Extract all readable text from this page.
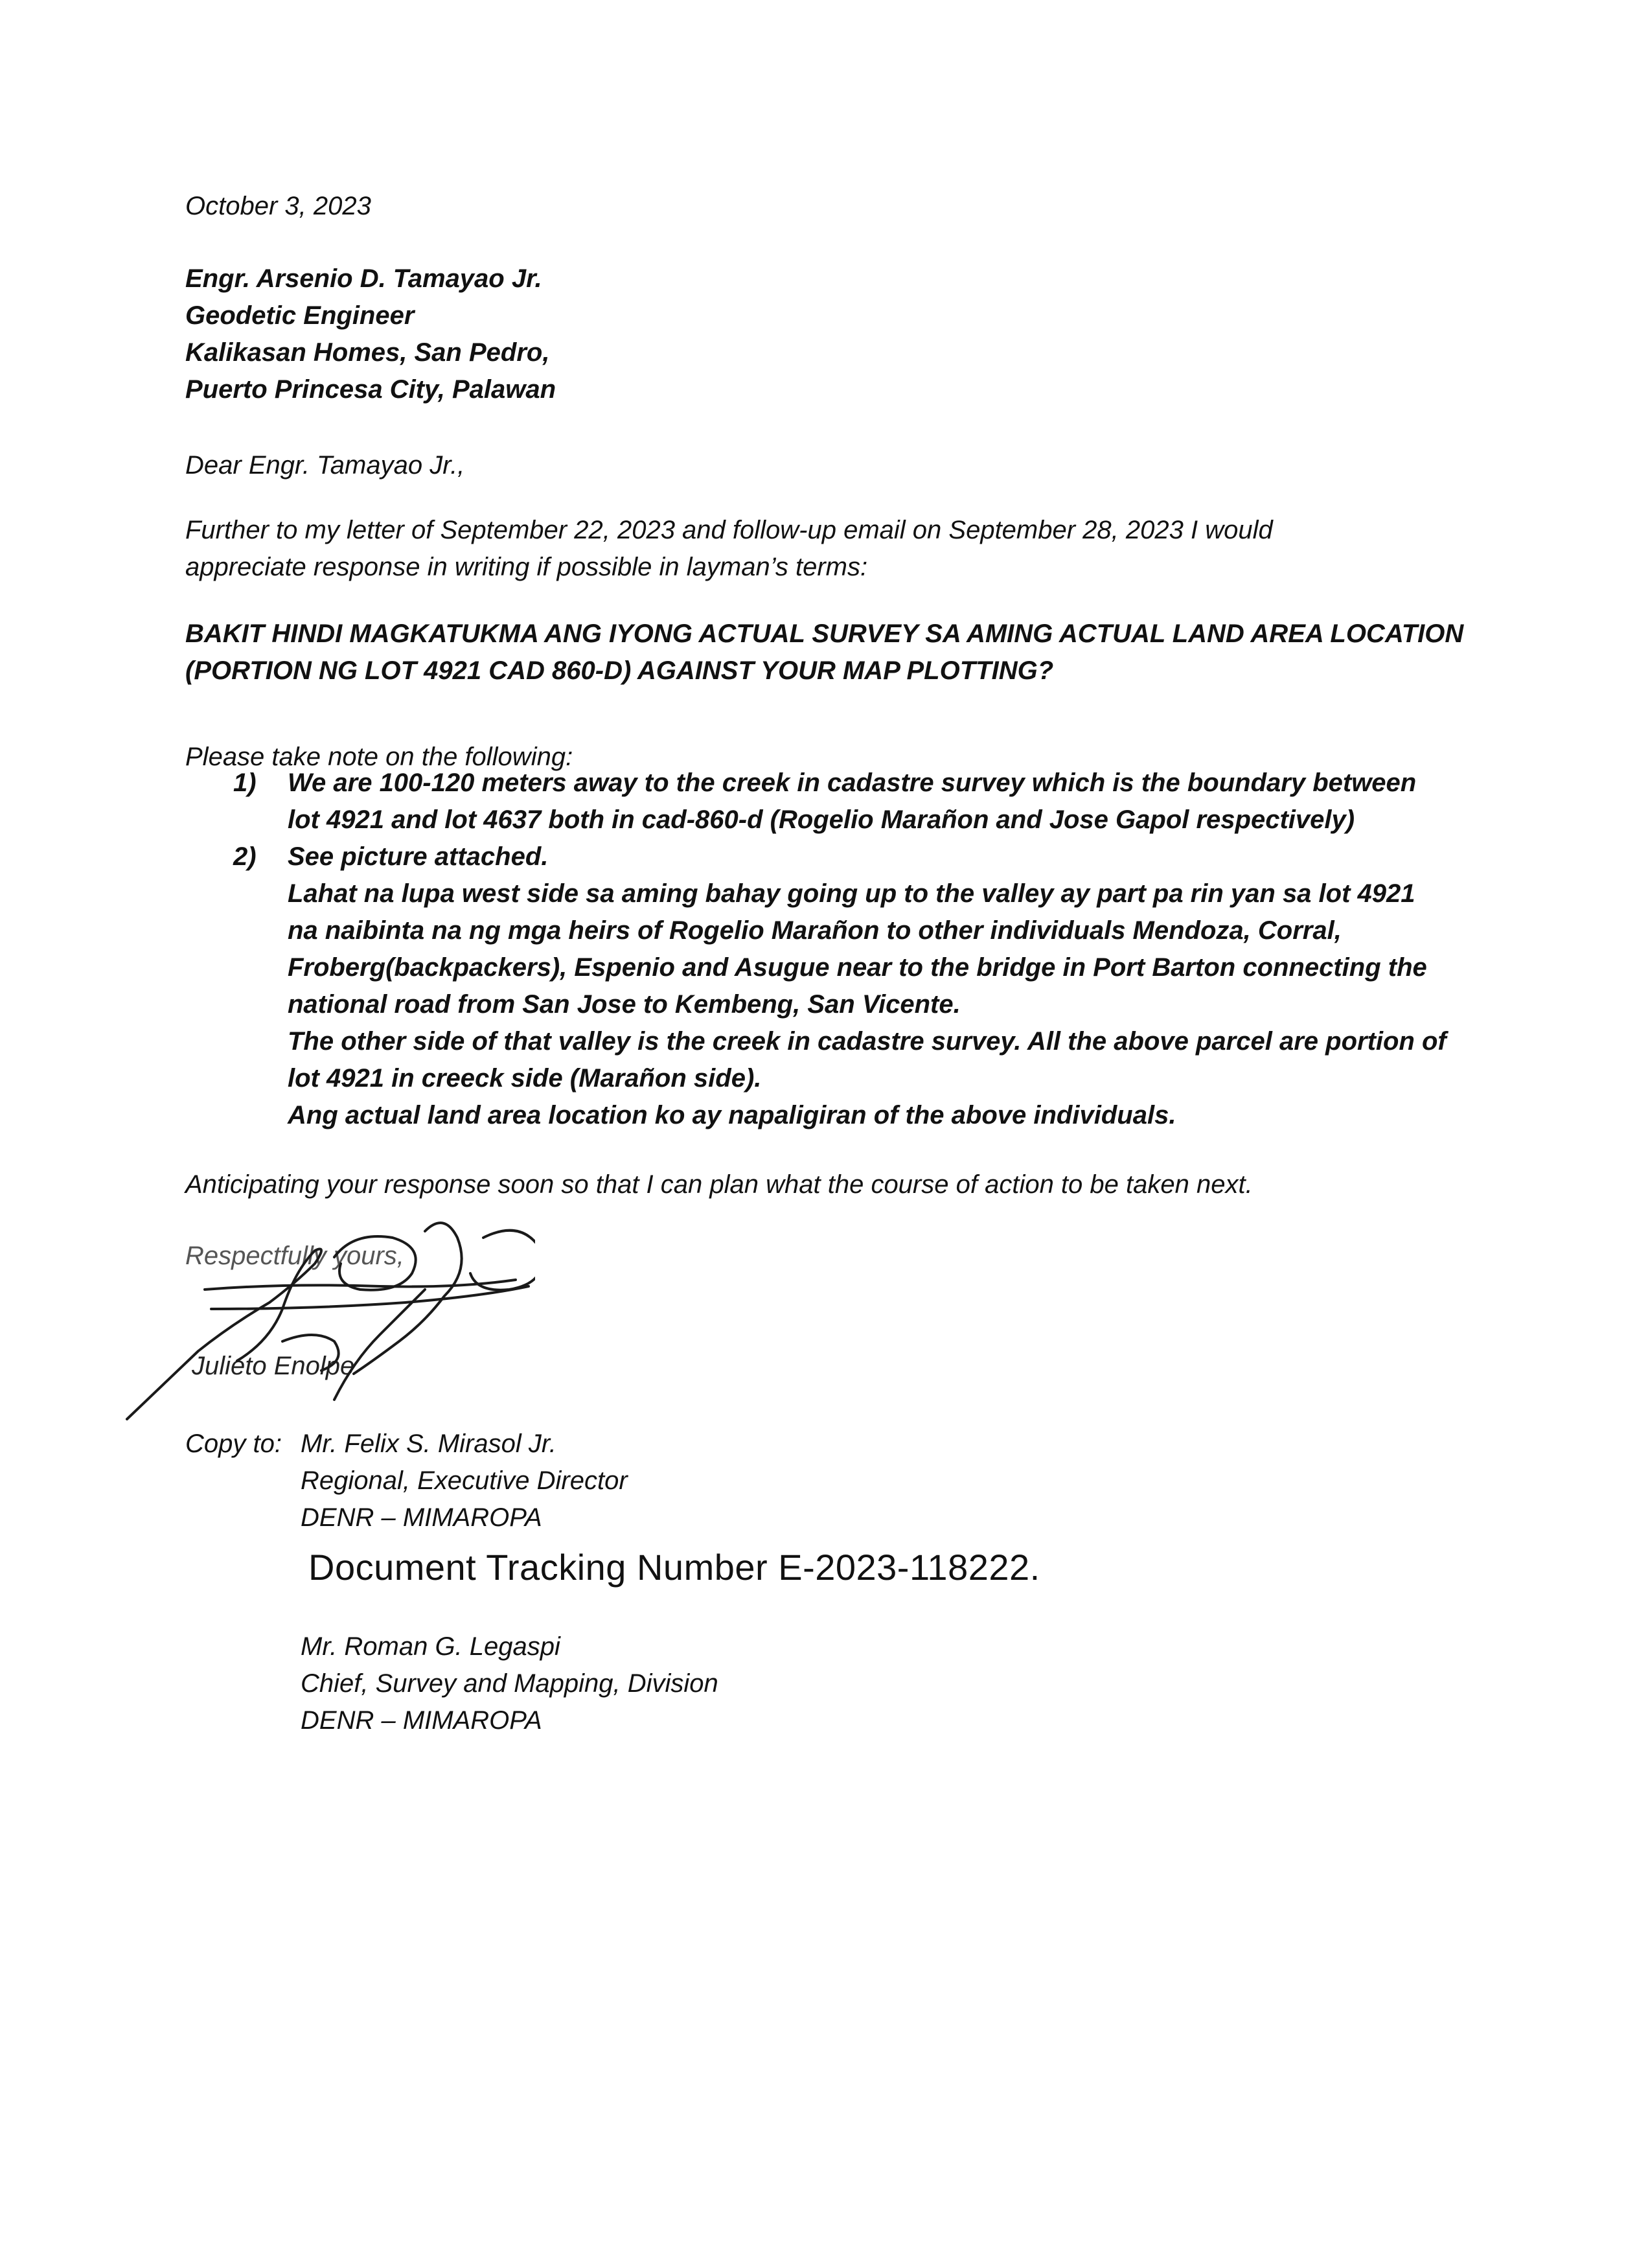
October 3, 2023
Engr. Arsenio D. Tamayao Jr.
Geodetic Engineer
Kalikasan Homes, San Pedro,
Puerto Princesa City, Palawan
Dear Engr. Tamayao Jr.,
Further to my letter of September 22, 2023 and follow-up email on September 28, 2023 I would
appreciate response in writing if possible in layman’s terms:
BAKIT HINDI MAGKATUKMA ANG IYONG ACTUAL SURVEY SA AMING ACTUAL LAND AREA LOCATION
(PORTION NG LOT 4921 CAD 860-D) AGAINST YOUR MAP PLOTTING?
Please take note on the following:
1) We are 100-120 meters away to the creek in cadastre survey which is the boundary between
lot 4921 and lot 4637 both in cad-860-d (Rogelio Marañon and Jose Gapol respectively)
2) See picture attached.
Lahat na lupa west side sa aming bahay going up to the valley ay part pa rin yan sa lot 4921
na naibinta na ng mga heirs of Rogelio Marañon to other individuals Mendoza, Corral,
Froberg(backpackers), Espenio and Asugue near to the bridge in Port Barton connecting the
national road from San Jose to Kembeng, San Vicente.
The other side of that valley is the creek in cadastre survey. All the above parcel are portion of
lot 4921 in creeck side (Marañon side).
Ang actual land area location ko ay napaligiran of the above individuals.
Anticipating your response soon so that I can plan what the course of action to be taken next.
Respectfully yours,
Julieto Enolpe
Copy to: Mr. Felix S. Mirasol Jr.
Regional, Executive Director
DENR – MIMAROPA
Document Tracking Number E-2023-118222.
Mr. Roman G. Legaspi
Chief, Survey and Mapping, Division
DENR – MIMAROPA
